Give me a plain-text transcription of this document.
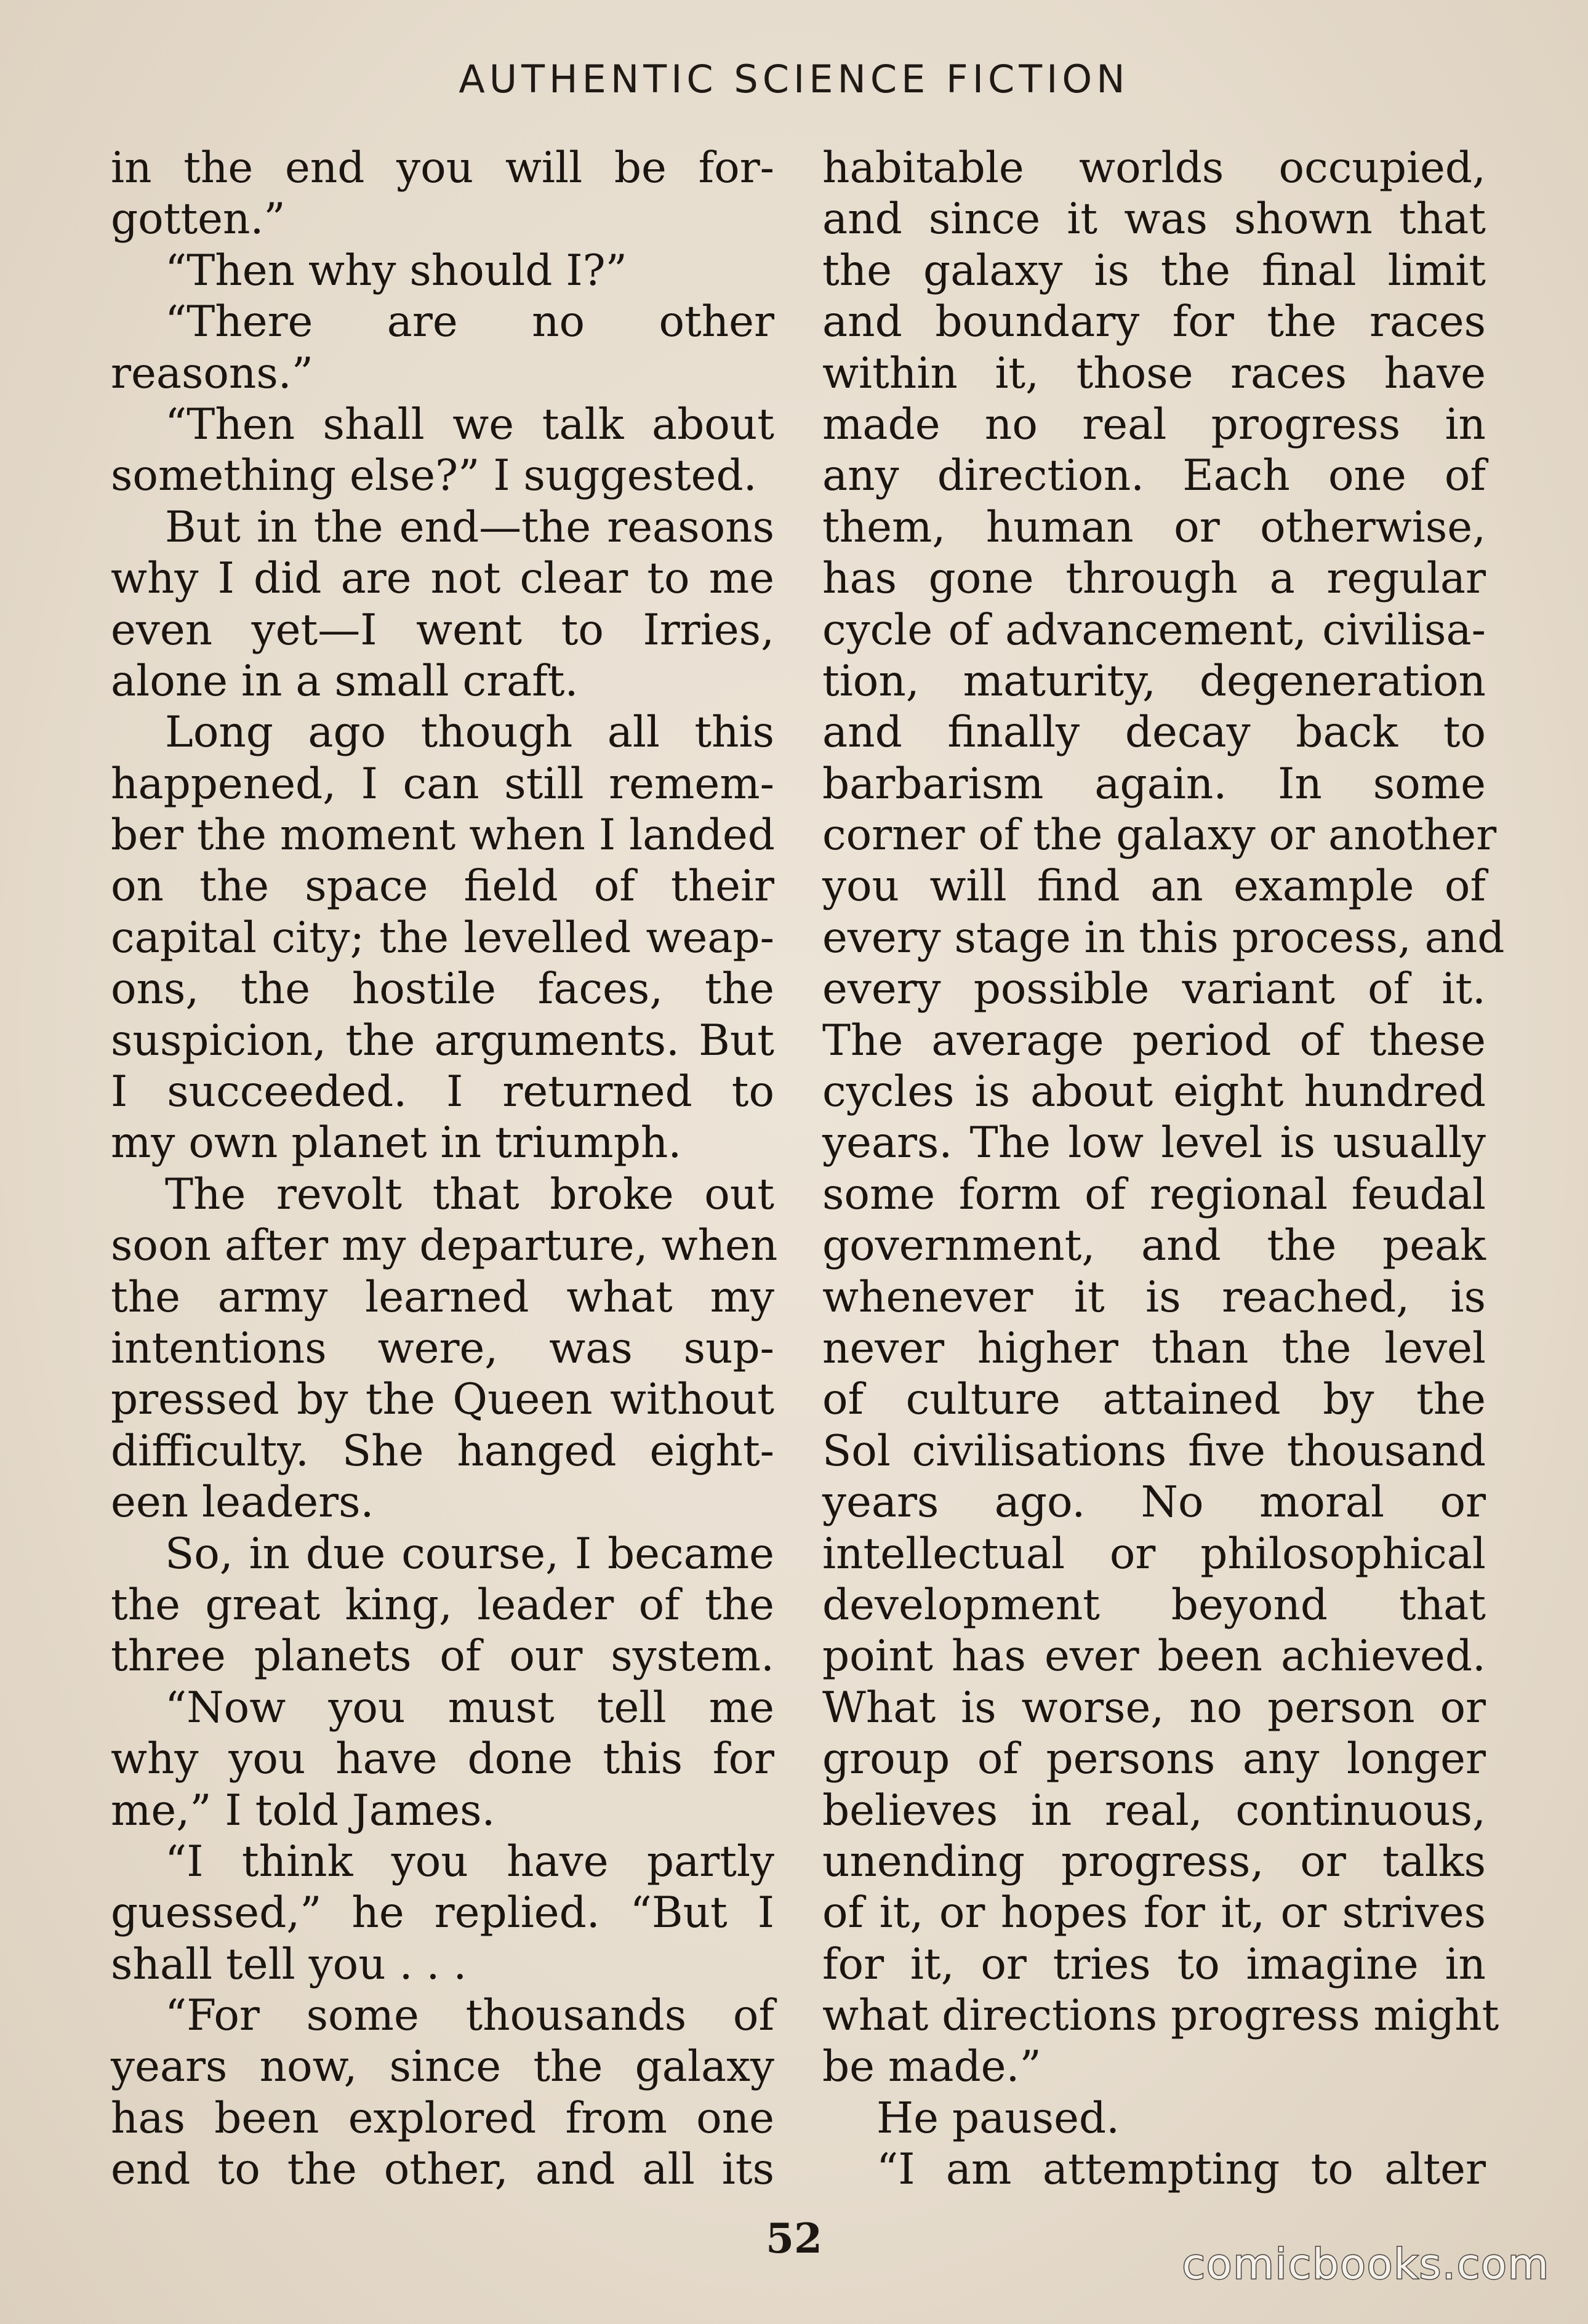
AUTHENTIC SCIENCE FICTION
in the end you will be for-
gotten.”
“Then why should I?”
“There are no other
reasons.”
“Then shall we talk about
something else?” I suggested.
But in the end—the reasons
why I did are not clear to me
even yet—I went to Irries,
alone in a small craft.
Long ago though all this
happened, I can still remem-
ber the moment when I landed
on the space field of their
capital city; the levelled weap-
ons, the hostile faces, the
suspicion, the arguments. But
I succeeded. I returned to
my own planet in triumph.
The revolt that broke out
soon after my departure, when
the army learned what my
intentions were, was sup-
pressed by the Queen without
difficulty. She hanged eight-
een leaders.
So, in due course, I became
the great king, leader of the
three planets of our system.
“Now you must tell me
why you have done this for
me,” I told James.
“I think you have partly
guessed,” he replied. “But I
shall tell you . . .
“For some thousands of
years now, since the galaxy
has been explored from one
end to the other, and all its
habitable worlds occupied,
and since it was shown that
the galaxy is the final limit
and boundary for the races
within it, those races have
made no real progress in
any direction. Each one of
them, human or otherwise,
has gone through a regular
cycle of advancement, civilisa-
tion, maturity, degeneration
and finally decay back to
barbarism again. In some
corner of the galaxy or another
you will find an example of
every stage in this process, and
every possible variant of it.
The average period of these
cycles is about eight hundred
years. The low level is usually
some form of regional feudal
government, and the peak
whenever it is reached, is
never higher than the level
of culture attained by the
Sol civilisations five thousand
years ago. No moral or
intellectual or philosophical
development beyond that
point has ever been achieved.
What is worse, no person or
group of persons any longer
believes in real, continuous,
unending progress, or talks
of it, or hopes for it, or strives
for it, or tries to imagine in
what directions progress might
be made.”
He paused.
“I am attempting to alter
52
comicbooks.com
